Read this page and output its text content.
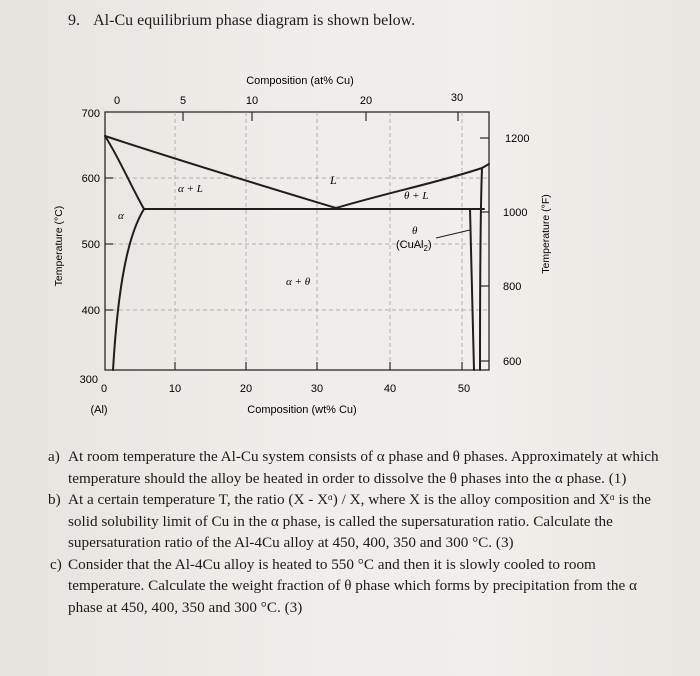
9. Al-Cu equilibrium phase diagram is shown below.
Composition (at% Cu)
Composition (wt% Cu)
(Al)
Temperature (°C)	Temperature (°F)
0	5	10	20	30
0	10	20	30	40	50
700
600
500
400
300
1200
1000
800
600
L
α
α + L
θ + L
θ
α + θ
(CuAl$_2$)
a) At room temperature the Al-Cu system consists of α phase and θ phases. Approximately at which temperature should the alloy be heated in order to dissolve the θ phases into the α phase. (1)
b) At a certain temperature T, the ratio (X - Xᵅ) / X, where X is the alloy composition and Xᵅ is the solid solubility limit of Cu in the α phase, is called the supersaturation ratio. Calculate the supersaturation ratio of the Al-4Cu alloy at 450, 400, 350 and 300 °C. (3)
c) Consider that the Al-4Cu alloy is heated to 550 °C and then it is slowly cooled to room temperature. Calculate the weight fraction of θ phase which forms by precipitation from the α phase at 450, 400, 350 and 300 °C. (3)
